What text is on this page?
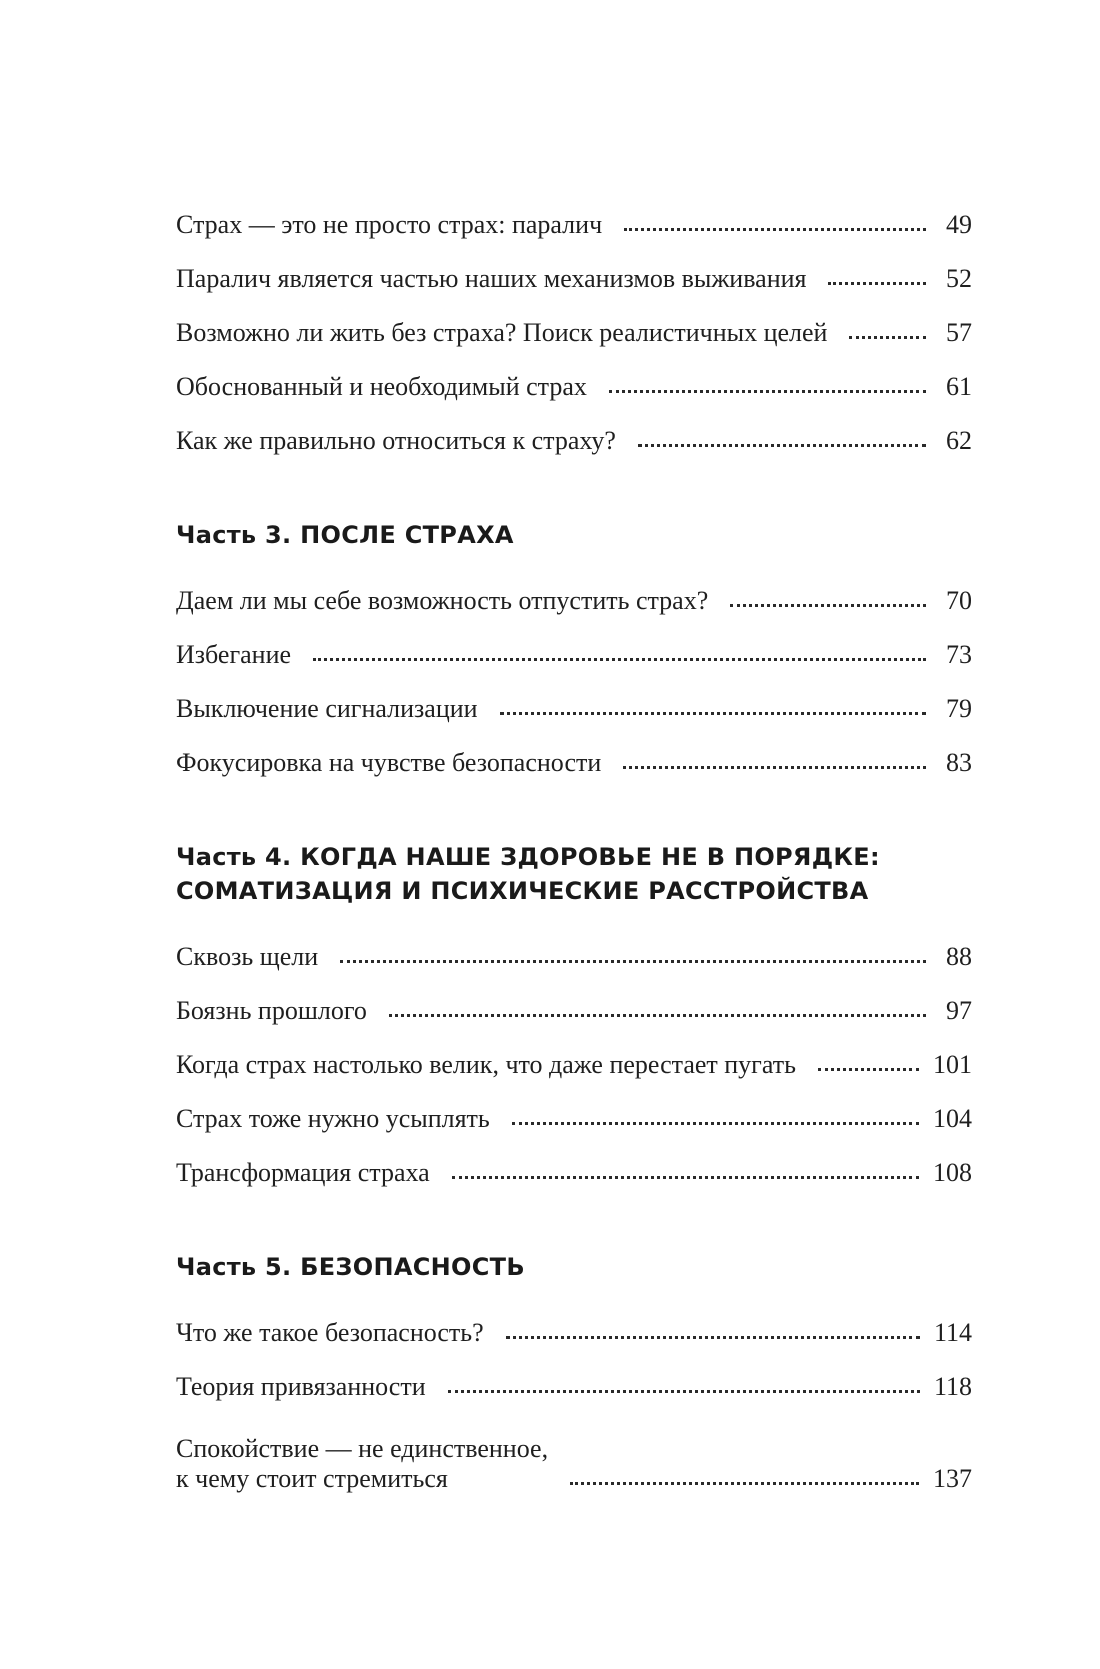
Страх — это не просто страх: паралич	49
Паралич является частью наших механизмов выживания	52
Возможно ли жить без страха? Поиск реалистичных целей	57
Обоснованный и необходимый страх	61
Как же правильно относиться к страху?	62
Часть 3. ПОСЛЕ СТРАХА
Даем ли мы себе возможность отпустить страх?	70
Избегание	73
Выключение сигнализации	79
Фокусировка на чувстве безопасности	83
Часть 4. КОГДА НАШЕ ЗДОРОВЬЕ НЕ В ПОРЯДКЕ:
СОМАТИЗАЦИЯ И ПСИХИЧЕСКИЕ РАССТРОЙСТВА
Сквозь щели	88
Боязнь прошлого	97
Когда страх настолько велик, что даже перестает пугать	101
Страх тоже нужно усыплять	104
Трансформация страха	108
Часть 5. БЕЗОПАСНОСТЬ
Что же такое безопасность?	114
Теория привязанности	118
Спокойствие — не единственное,
к чему стоит стремиться	137
